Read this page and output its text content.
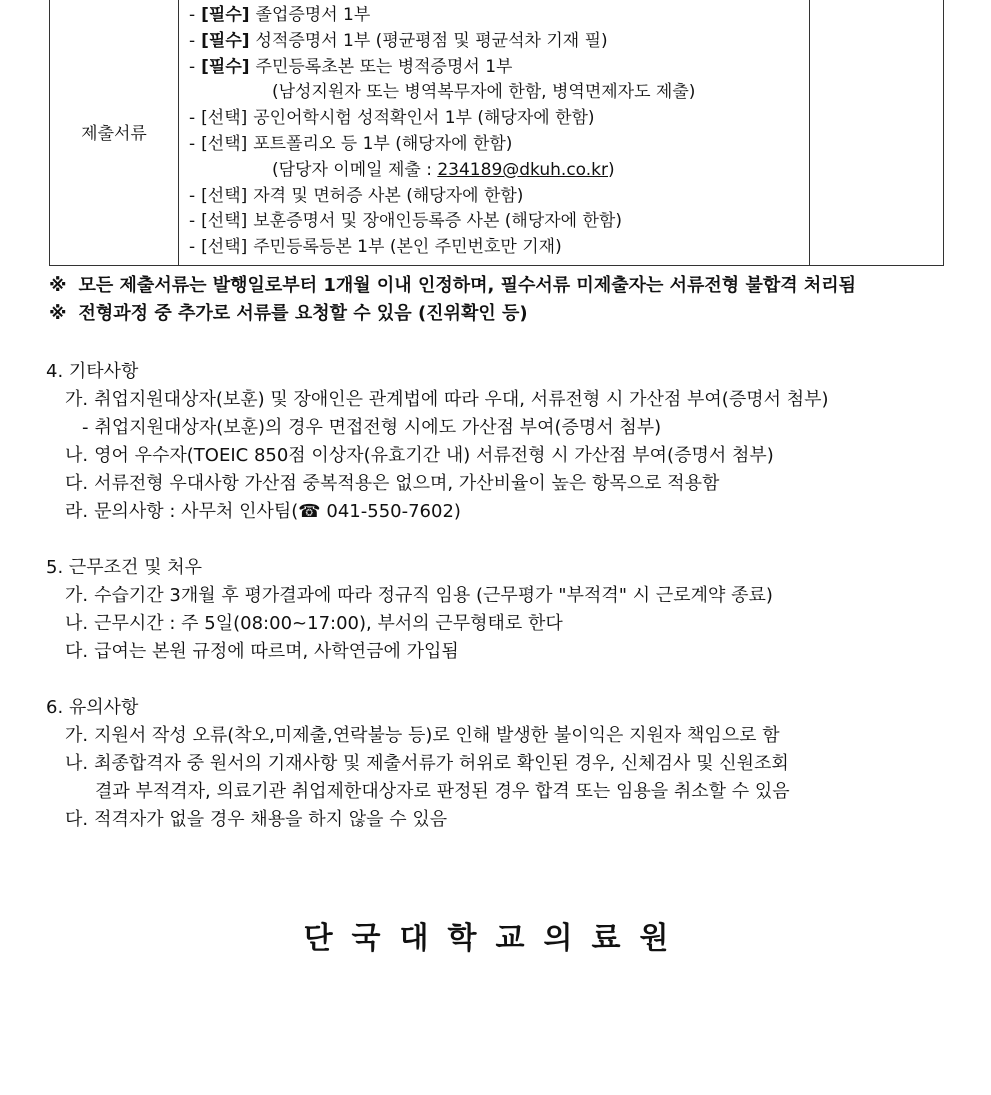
제출서류	
- [필수] 졸업증명서 1부
- [필수] 성적증명서 1부 (평균평점 및 평균석차 기재 필)
- [필수] 주민등록초본 또는 병적증명서 1부
(남성지원자 또는 병역복무자에 한함, 병역면제자도 제출)
- [선택] 공인어학시험 성적확인서 1부 (해당자에 한함)
- [선택] 포트폴리오 등 1부 (해당자에 한함)
(담당자 이메일 제출 : 234189@dkuh.co.kr)
- [선택] 자격 및 면허증 사본 (해당자에 한함)
- [선택] 보훈증명서 및 장애인등록증 사본 (해당자에 한함)
- [선택] 주민등록등본 1부 (본인 주민번호만 기재)

※ 모든 제출서류는 발행일로부터 1개월 이내 인정하며, 필수서류 미제출자는 서류전형 불합격 처리됨
※ 전형과정 중 추가로 서류를 요청할 수 있음 (진위확인 등)
4. 기타사항
가. 취업지원대상자(보훈) 및 장애인은 관계법에 따라 우대, 서류전형 시 가산점 부여(증명서 첨부)
- 취업지원대상자(보훈)의 경우 면접전형 시에도 가산점 부여(증명서 첨부)
나. 영어 우수자(TOEIC 850점 이상자(유효기간 내) 서류전형 시 가산점 부여(증명서 첨부)
다. 서류전형 우대사항 가산점 중복적용은 없으며, 가산비율이 높은 항목으로 적용함
라. 문의사항 : 사무처 인사팀(☎ 041-550-7602)
5. 근무조건 및 처우
가. 수습기간 3개월 후 평가결과에 따라 정규직 임용 (근무평가 "부적격" 시 근로계약 종료)
나. 근무시간 : 주 5일(08:00~17:00), 부서의 근무형태로 한다
다. 급여는 본원 규정에 따르며, 사학연금에 가입됨
6. 유의사항
가. 지원서 작성 오류(착오,미제출,연락불능 등)로 인해 발생한 불이익은 지원자 책임으로 함
나. 최종합격자 중 원서의 기재사항 및 제출서류가 허위로 확인된 경우, 신체검사 및 신원조회
결과 부적격자, 의료기관 취업제한대상자로 판정된 경우 합격 또는 임용을 취소할 수 있음
다. 적격자가 없을 경우 채용을 하지 않을 수 있음
단국대학교의료원
